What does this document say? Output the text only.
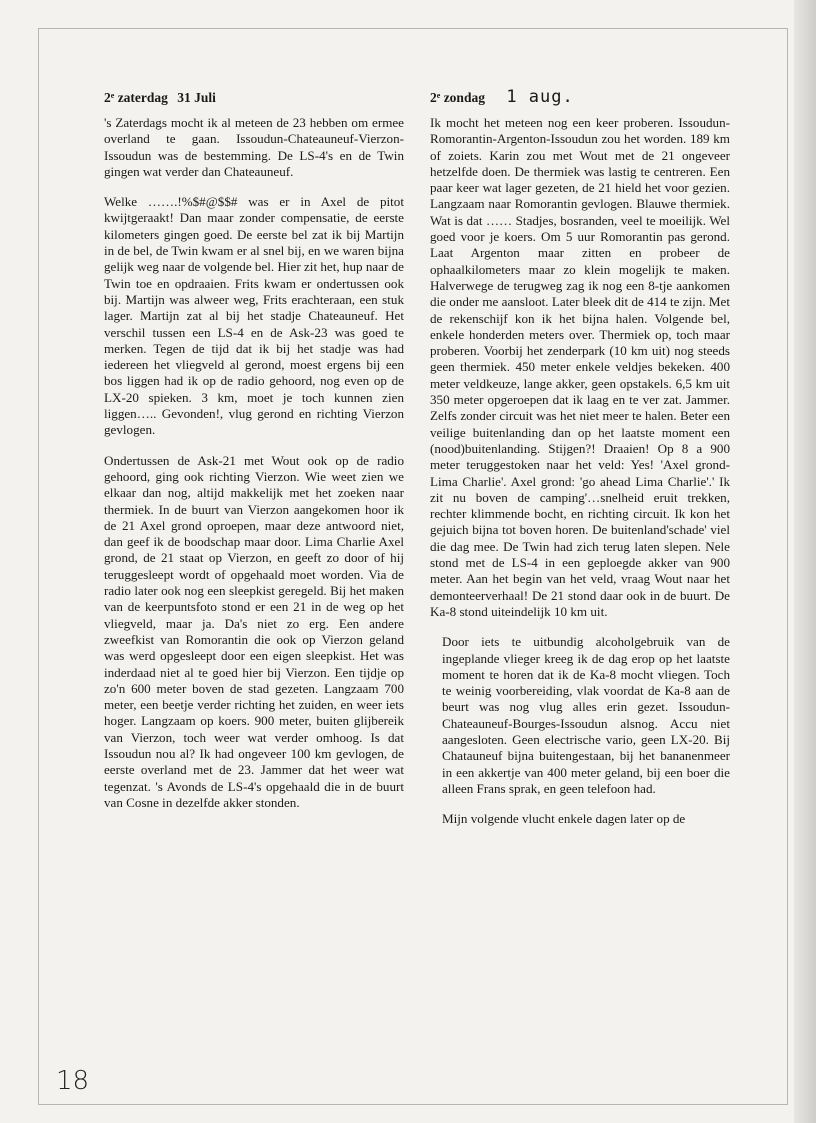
2e zaterdag 31 Juli

's Zaterdags mocht ik al meteen de 23 hebben om ermee overland te gaan. Issoudun-Chateauneuf-Vierzon-Issoudun was de bestemming. De LS-4's en de Twin gingen wat verder dan Chateauneuf.

Welke …….!%$#@$$# was er in Axel de pitot kwijtgeraakt! Dan maar zonder compensatie, de eerste kilometers gingen goed. De eerste bel zat ik bij Martijn in de bel, de Twin kwam er al snel bij, en we waren bijna gelijk weg naar de volgende bel. Hier zit het, hup naar de Twin toe en opdraaien. Frits kwam er ondertussen ook bij. Martijn was alweer weg, Frits erachteraan, een stuk lager. Martijn zat al bij het stadje Chateauneuf. Het verschil tussen een LS-4 en de Ask-23 was goed te merken. Tegen de tijd dat ik bij het stadje was had iedereen het vliegveld al gerond, moest ergens bij een bos liggen had ik op de radio gehoord, nog even op de LX-20 spieken. 3 km, moet je toch kunnen zien liggen….. Gevonden!, vlug gerond en richting Vierzon gevlogen.

Ondertussen de Ask-21 met Wout ook op de radio gehoord, ging ook richting Vierzon. Wie weet zien we elkaar dan nog, altijd makkelijk met het zoeken naar thermiek. In de buurt van Vierzon aangekomen hoor ik de 21 Axel grond oproepen, maar deze antwoord niet, dan geef ik de boodschap maar door. Lima Charlie Axel grond, de 21 staat op Vierzon, en geeft zo door of hij teruggesleept wordt of opgehaald moet worden. Via de radio later ook nog een sleepkist geregeld. Bij het maken van de keerpuntsfoto stond er een 21 in de weg op het vliegveld, maar ja. Da's niet zo erg. Een andere zweefkist van Romorantin die ook op Vierzon geland was werd opgesleept door een eigen sleepkist. Het was inderdaad niet al te goed hier bij Vierzon. Een tijdje op zo'n 600 meter boven de stad gezeten. Langzaam 700 meter, een beetje verder richting het zuiden, en weer iets hoger. Langzaam op koers. 900 meter, buiten glijbereik van Vierzon, toch weer wat verder omhoog. Is dat Issoudun nou al? Ik had ongeveer 100 km gevlogen, de eerste overland met de 23. Jammer dat het weer wat tegenzat. 's Avonds de LS-4's opgehaald die in de buurt van Cosne in dezelfde akker stonden.

2e zondag 1 aug.

Ik mocht het meteen nog een keer proberen. Issoudun-Romorantin-Argenton-Issoudun zou het worden. 189 km of zoiets. Karin zou met Wout met de 21 ongeveer hetzelfde doen. De thermiek was lastig te centreren. Een paar keer wat lager gezeten, de 21 hield het voor gezien. Langzaam naar Romorantin gevlogen. Blauwe thermiek. Wat is dat …… Stadjes, bosranden, veel te moeilijk. Wel goed voor je koers. Om 5 uur Romorantin pas gerond. Laat Argenton maar zitten en probeer de ophaalkilometers maar zo klein mogelijk te maken. Halverwege de terugweg zag ik nog een 8-tje aankomen die onder me aansloot. Later bleek dit de 414 te zijn. Met de rekenschijf kon ik het bijna halen. Volgende bel, enkele honderden meters over. Thermiek op, toch maar proberen. Voorbij het zenderpark (10 km uit) nog steeds geen thermiek. 450 meter enkele veldjes bekeken. 400 meter veldkeuze, lange akker, geen opstakels. 6,5 km uit 350 meter opgeroepen dat ik laag en te ver zat. Jammer. Zelfs zonder circuit was het niet meer te halen. Beter een veilige buitenlanding dan op het laatste moment een (nood)buitenlanding. Stijgen?! Draaien! Op 8 a 900 meter teruggestoken naar het veld: Yes! 'Axel grond- Lima Charlie'. Axel grond: 'go ahead Lima Charlie'.' Ik zit nu boven de camping'…snelheid eruit trekken, rechter klimmende bocht, en richting circuit. Ik kon het gejuich bijna tot boven horen. De buitenland'schade' viel die dag mee. De Twin had zich terug laten slepen. Nele stond met de LS-4 in een geploegde akker van 900 meter. Aan het begin van het veld, vraag Wout naar het demonteerverhaal! De 21 stond daar ook in de buurt. De Ka-8 stond uiteindelijk 10 km uit.

Door iets te uitbundig alcoholgebruik van de ingeplande vlieger kreeg ik de dag erop op het laatste moment te horen dat ik de Ka-8 mocht vliegen. Toch te weinig voorbereiding, vlak voordat de Ka-8 aan de beurt was nog vlug alles erin gezet. Issoudun-Chateauneuf-Bourges-Issoudun alsnog. Accu niet aangesloten. Geen electrische vario, geen LX-20. Bij Chatauneuf bijna buitengestaan, bij het bananenmeer in een akkertje van 400 meter geland, bij een boer die alleen Frans sprak, en geen telefoon had.

Mijn volgende vlucht enkele dagen later op de

18
